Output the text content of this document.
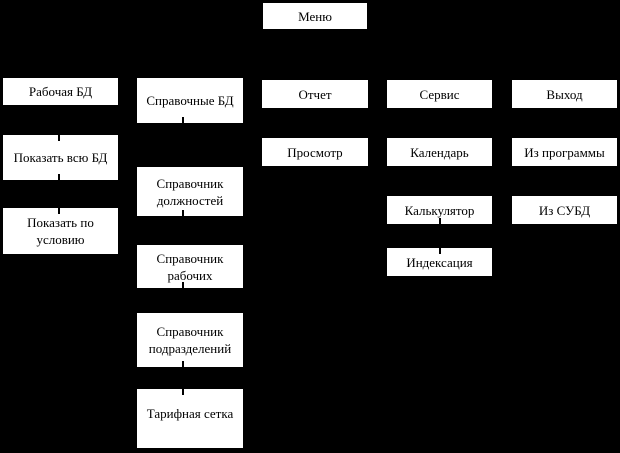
Меню
Рабочая БД
Показать всю БД
Показать по условию
Справочные БД
Справочник должностей
Справочник рабочих
Справочник подразделений
Тарифная сетка
Отчет
Просмотр
Сервис
Календарь
Калькулятор
Индексация
Выход
Из программы
Из СУБД
